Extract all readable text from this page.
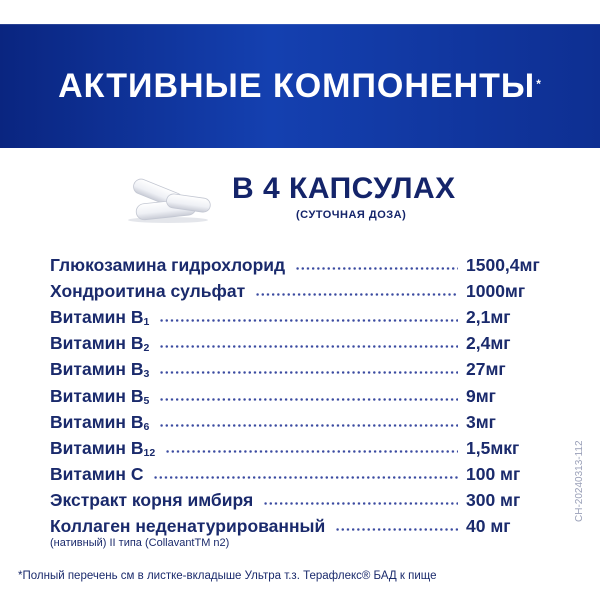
АКТИВНЫЕ КОМПОНЕНТЫ*
В 4 КАПСУЛАХ
(СУТОЧНАЯ ДОЗА)
Глюкозамина гидрохлорид	1500,4мг
Хондроитина сульфат	1000мг
Витамин $B_1$	2,1мг
Витамин $B_2$	2,4мг
Витамин $B_3$	27мг
Витамин $B_5$	9мг
Витамин $B_6$	3мг
Витамин $B_{12}$	1,5мкг
Витамин С	100 мг
Экстракт корня имбиря	300 мг
Коллаген неденатурированный	40 мг
(нативный) II типа (CollavantTM n2)
*Полный перечень см в листке-вкладыше Ультра т.з. Терафлекс® БАД к пище
CH-20240313-112
